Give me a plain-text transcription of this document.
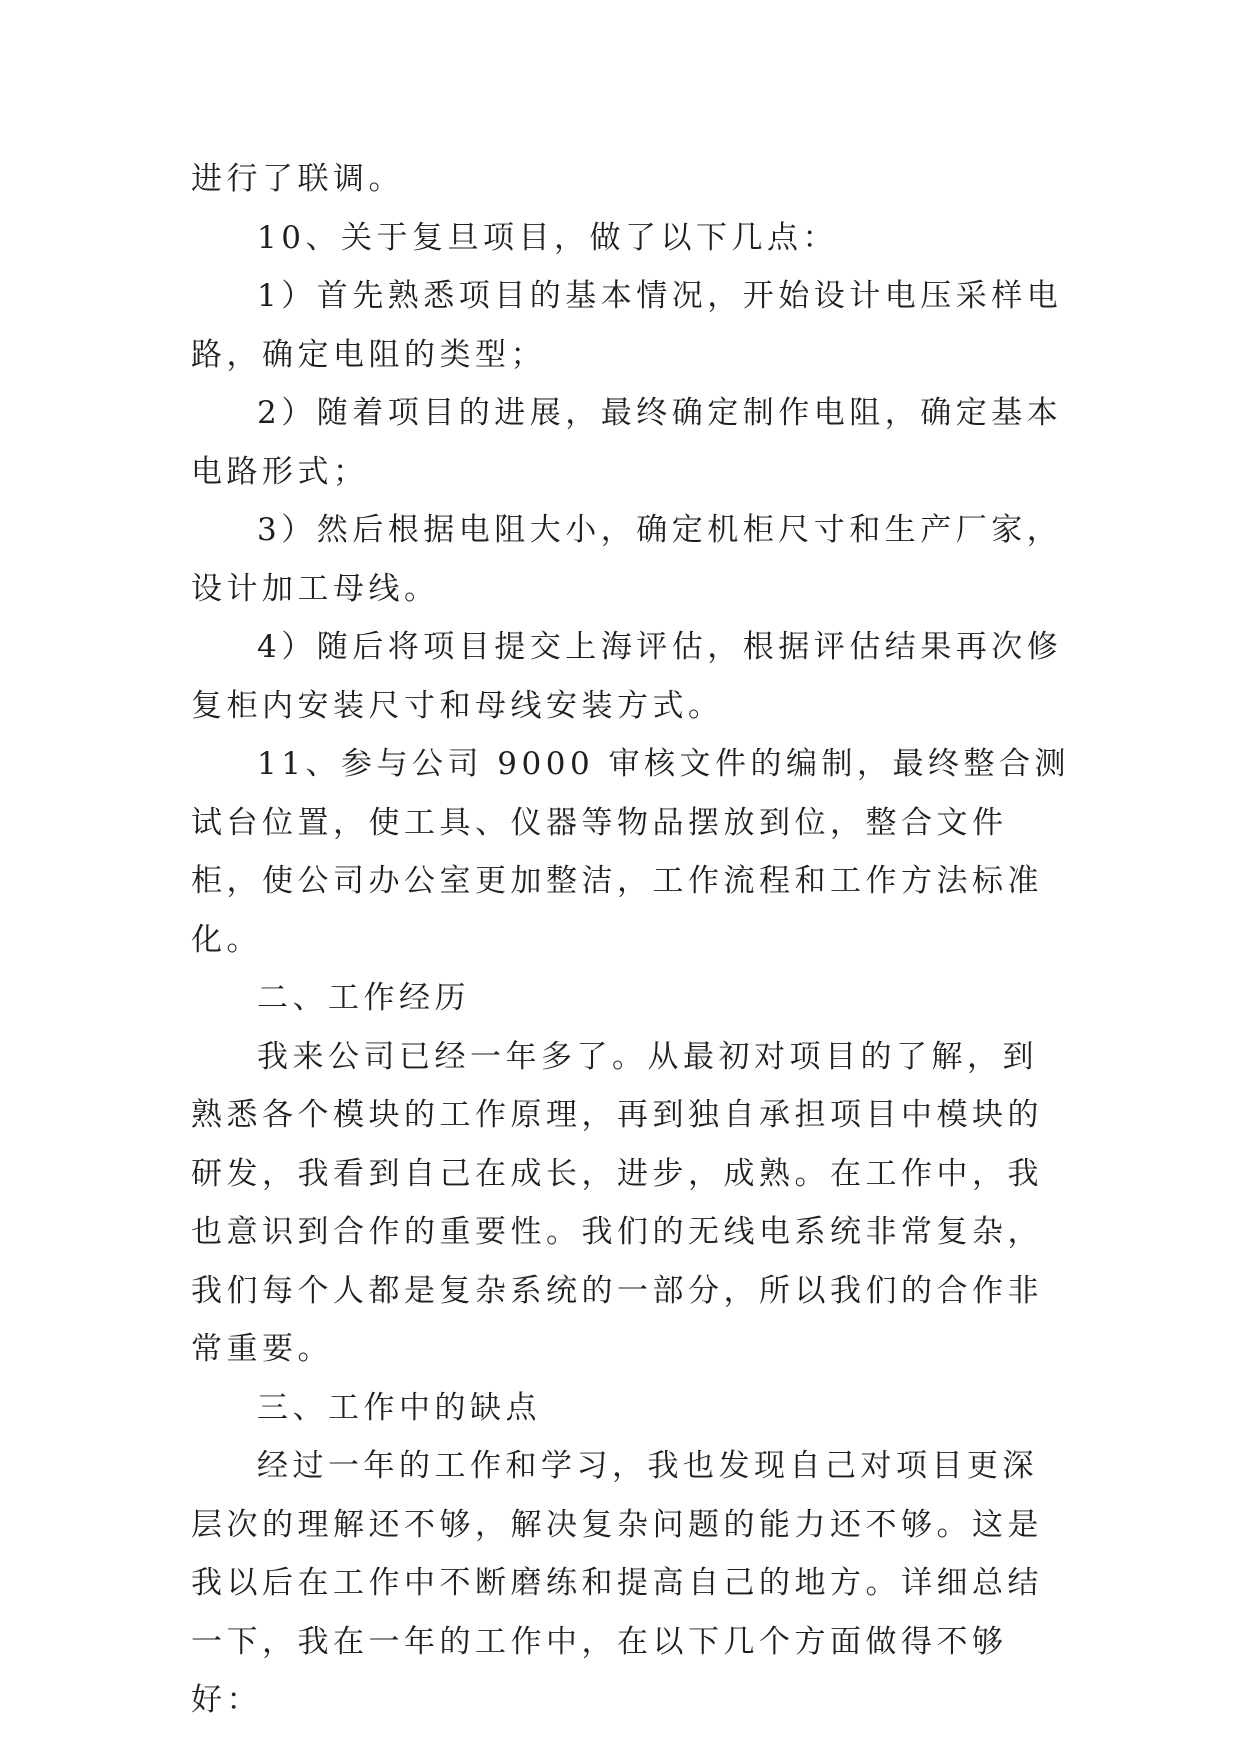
进行了联调。

10、关于复旦项目，做了以下几点：

1）首先熟悉项目的基本情况，开始设计电压采样电路，确定电阻的类型；

2）随着项目的进展，最终确定制作电阻，确定基本电路形式；

3）然后根据电阻大小，确定机柜尺寸和生产厂家，设计加工母线。

4）随后将项目提交上海评估，根据评估结果再次修复柜内安装尺寸和母线安装方式。

11、参与公司 9000 审核文件的编制，最终整合测试台位置，使工具、仪器等物品摆放到位，整合文件柜，使公司办公室更加整洁，工作流程和工作方法标准化。

二、工作经历

我来公司已经一年多了。从最初对项目的了解，到熟悉各个模块的工作原理，再到独自承担项目中模块的研发，我看到自己在成长，进步，成熟。在工作中，我也意识到合作的重要性。我们的无线电系统非常复杂，我们每个人都是复杂系统的一部分，所以我们的合作非常重要。

三、工作中的缺点

经过一年的工作和学习，我也发现自己对项目更深层次的理解还不够，解决复杂问题的能力还不够。这是我以后在工作中不断磨练和提高自己的地方。详细总结一下，我在一年的工作中，在以下几个方面做得不够好：
